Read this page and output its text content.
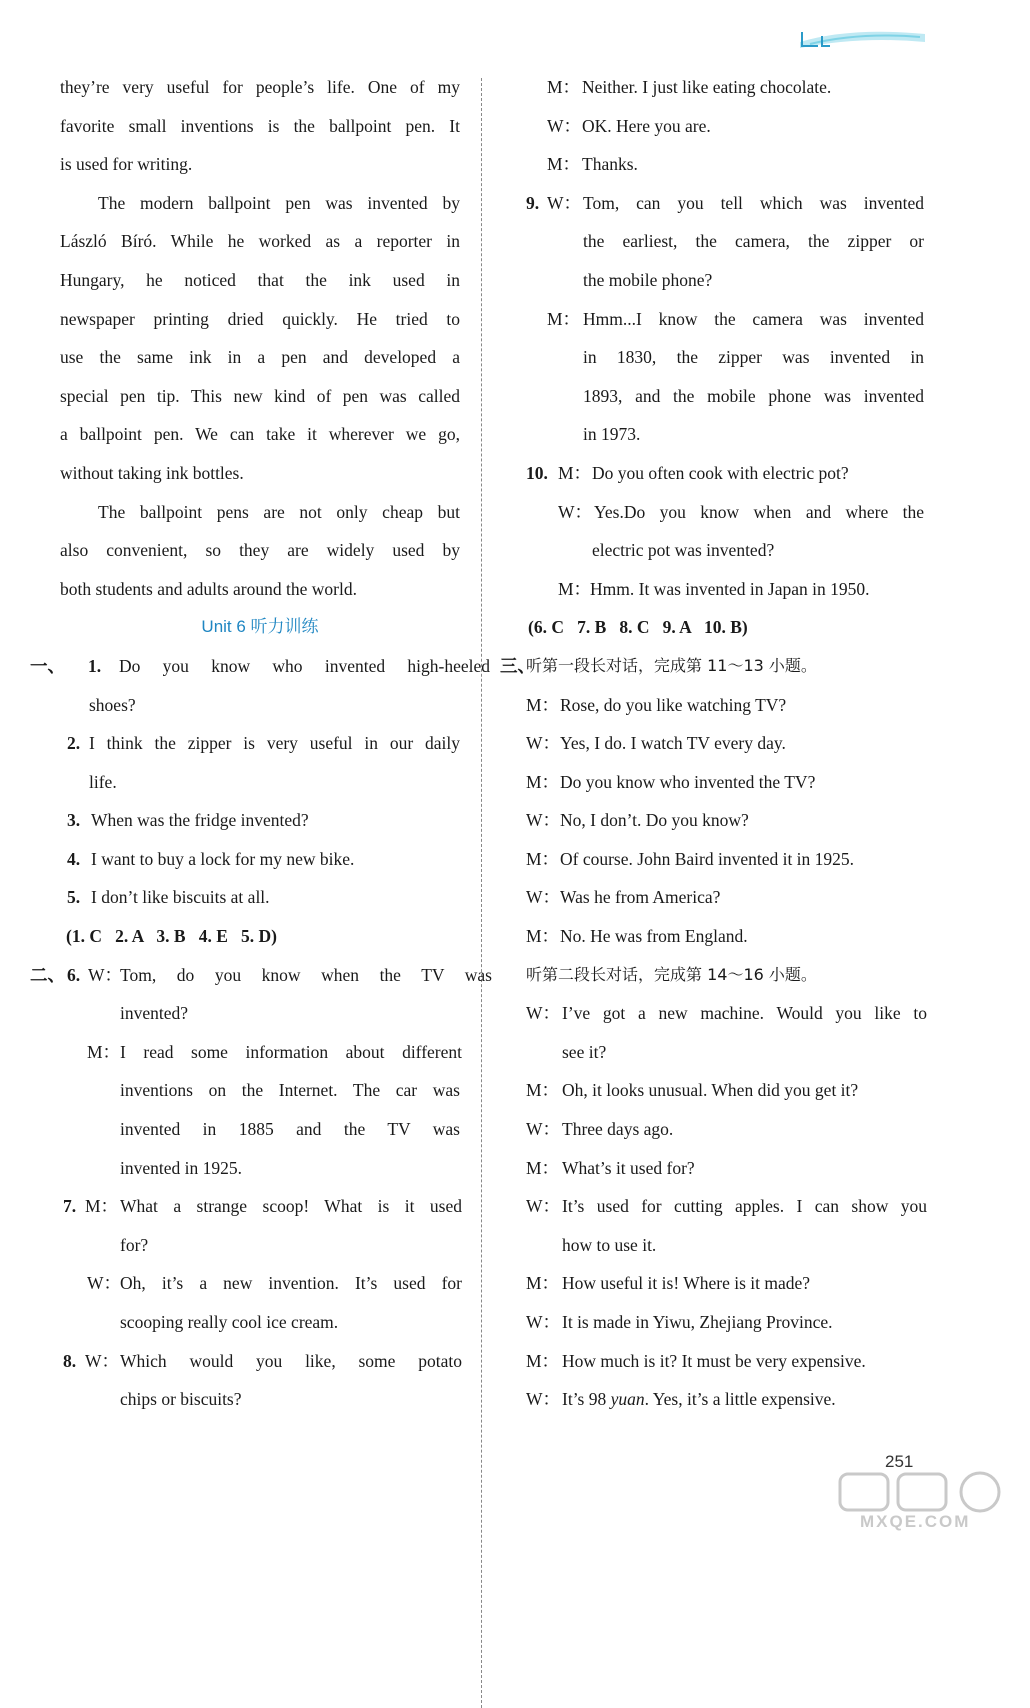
they’re very useful for people’s life. One of my
favorite small inventions is the ballpoint pen. It
is used for writing.
The modern ballpoint pen was invented by
László Bíró. While he worked as a reporter in
Hungary, he noticed that the ink used in
newspaper printing dried quickly. He tried to
use the same ink in a pen and developed a
special pen tip. This new kind of pen was called
a ballpoint pen. We can take it wherever we go,
without taking ink bottles.
The ballpoint pens are not only cheap but
also convenient, so they are widely used by
both students and adults around the world.
Unit 6 听力训练
一、 1. Do you know who invented high-heeled
shoes?
2. I think the zipper is very useful in our daily
life.
3. When was the fridge invented?
4. I want to buy a lock for my new bike.
5. I don’t like biscuits at all.
(1. C   2. A   3. B   4. E   5. D)
二、 6. W：
Tom, do you know when the TV was
invented?
M： I read some information about different
inventions on the Internet. The car was
invented in 1885 and the TV was
invented in 1925.
7. M： What a strange scoop! What is it used
for?
W：
Oh, it’s a new invention. It’s used for
scooping really cool ice cream.
8. W： Which would you like, some potato
chips or biscuits?
M： Neither. I just like eating chocolate.
W： OK. Here you are.
M： Thanks.
9. W： Tom, can you tell which was invented
the earliest, the camera, the zipper or
the mobile phone?
M： Hmm...I know the camera was invented
in 1830, the zipper was invented in
1893, and the mobile phone was invented
in 1973.
10. M： Do you often cook with electric pot?
W： Yes.Do you know when and where the
electric pot was invented?
M：
Hmm. It was invented in Japan in 1950.
(6. C   7. B   8. C   9. A   10. B)
三、
听第一段长对话，完成第 11～13 小题。
M： Rose, do you like watching TV?
W： Yes, I do. I watch TV every day.
M： Do you know who invented the TV?
W： No, I don’t. Do you know?
M： Of course. John Baird invented it in 1925.
W： Was he from America?
M： No. He was from England.
听第二段长对话，完成第 14～16 小题。
W： I’ve got a new machine. Would you like to
see it?
M： Oh, it looks unusual. When did you get it?
W： Three days ago.
M： What’s it used for?
W： It’s used for cutting apples. I can show you
how to use it.
M： How useful it is! Where is it made?
W： It is made in Yiwu, Zhejiang Province.
M： How much is it? It must be very expensive.
W： It’s 98 yuan. Yes, it’s a little expensive.
251
MXQE.COM
